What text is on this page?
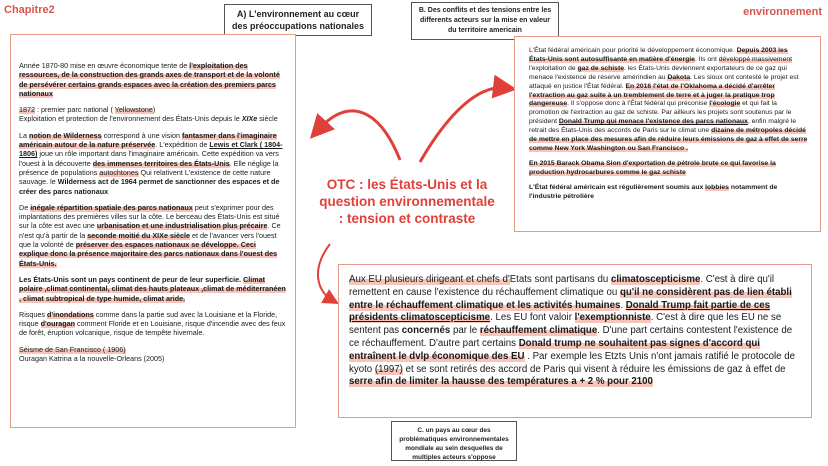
Chapitre2	environnement
A) L'environnement au cœur des préoccupations nationales
B. Des conflits et des tensions entre les differents acteurs sur la mise en valeur du territoire americain
C. un pays au cœur des problématiques environnementales mondiale au sein desquelles de multiples acteurs s'oppose
OTC : les États-Unis et la question environnementale : tension et contraste

Année 1870-80 mise en œuvre économique tente de l'exploitation des ressources, de la construction des grands axes de transport et de la volonté de persévérer certains grands espaces avec la création des premiers parcs nationaux

1872 : premier parc national ( Yellowstone)
Exploitation et protection de l'environnement des États-Unis depuis le XIXe siècle

La notion de Wilderness correspond à une vision fantasmer dans l'imaginaire américain autour de la nature préservée. L'expédition de Lewis et Clark ( 1804-1806) joue un rôle important dans l'imaginaire américain. Cette expédition va vers l'ouest à la découverte des immenses territoires des États-Unis. Elle néglige la présence de populations autochtones Qui relativent L'existence de cette nature sauvage. le Wilderness act de 1964 permet de sanctionner des espaces et de créer des parcs nationaux

De inégale répartition spatiale des parcs nationaux peut s'exprimer pour des implantations des premières villes sur la côte. Le berceau des États-Unis est situé sur la côte est avec une urbanisation et une industrialisation plus précaire. Ce n'est qu'à partir de la seconde moitié du XIXe siècle et de l'avancer vers l'ouest que la volonté de préserver des espaces nationaux se développe. Ceci explique donc la présence majoritaire des parcs nationaux dans l'ouest des États-Unis.

Les États-Unis sont un pays continent de peur de leur superficie. Climat polaire ,climat continental, climat des hauts plateaux ,climat de méditerranéen , climat subtropical de type humide, climat aride.

Risques d'inondations comme dans la partie sud avec la Louisiane et la Floride, risque d'ouragan comment Floride et en Louisiane, risque d'incendie avec des feux de forêt, éruption volcanique, risque de tempête hivernale.

Séisme de San Francisco ( 1906)
Ouragan Katrina a la nouvelle-Orleans (2005)

L'État fédéral américain pour priorité le développement économique. Depuis 2003 les États-Unis sont autosuffisante en matière d'énergie. Ils ont développé massivement l'exploitation de gaz de schiste. les États-Unis deviennent exportateurs de ce gaz qui menace l'existence de réserve amérindien au Dakota. Les sioux ont contesté le projet est attaqué en justice l'État fédéral. En 2016 l'état de l'Oklahoma a décidé d'arrêter l'extraction au gaz suite à un tremblement de terre et à juger la pratique trop dangereuse. Il s'oppose donc à l'État fédéral qui préconise l'écologie et qui fait la promotion de l'extraction au gaz de schiste. Par ailleurs les projets sont soutenus par le président Donald Trump qui menace l'existence des parcs nationaux, enfin malgré le retrait des États-Unis des accords de Paris sur le climat une dizaine de métropoles décidé de mettre en place des mesures afin de réduire leurs émissions de gaz à effet de serre comme New York Washington ou San Francisco .

En 2015 Barack Obama Sion d'exportation de pétrole brute ce qui favorise la production hydrocarbures comme le gaz schiste

L'État fédéral américain est régulièrement soumis aux lobbies notamment de l'industrie pétrolière

Aux EU plusieurs dirigeant et chefs d'Etats sont partisans du climatoscepticisme. C'est à dire qu'il remettent en cause l'existence du réchauffement climatique ou qu'il ne considèrent pas de lien établi entre le réchauffement climatique et les activités humaines. Donald Trump fait partie de ces présidents climatoscepticisme. Les EU font valoir l'exemptionniste. C'est à dire que les EU ne se sentent pas concernés par le réchauffement climatique. D'une part certains contestent l'existence de ce réchauffement. D'autre part certains Donald trump ne souhaitent pas signes d'accord qui entraînent le dvlp économique des EU . Par exemple les Etzts Unis n'ont jamais ratifié le protocole de kyoto (1997) et se sont retirés des accord de Paris qui visent à réduire les émissions de gaz à effet de serre afin de limiter la hausse des températures a + 2 % pour 2100
